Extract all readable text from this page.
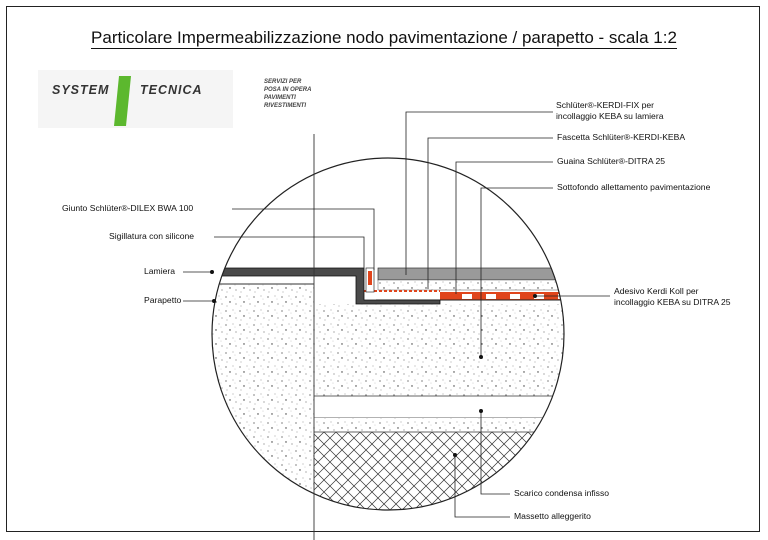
Particolare Impermeabilizzazione nodo pavimentazione / parapetto - scala 1:2
SYSTEM TECNICA
SERVIZI PER
POSA IN OPERA
PAVIMENTI
RIVESTIMENTI	Schlüter®-KERDI-FIX per
incollaggio KEBA su lamiera
Fascetta Schlüter®-KERDI-KEBA
Guaina Schlüter®-DITRA 25
Sottofondo allettamento pavimentazione
Giunto Schlüter®-DILEX BWA 100
Sigillatura con silicone
Lamiera
Parapetto
Adesivo Kerdi Koll per
incollaggio KEBA su DITRA 25
Scarico condensa infisso
Massetto alleggerito
